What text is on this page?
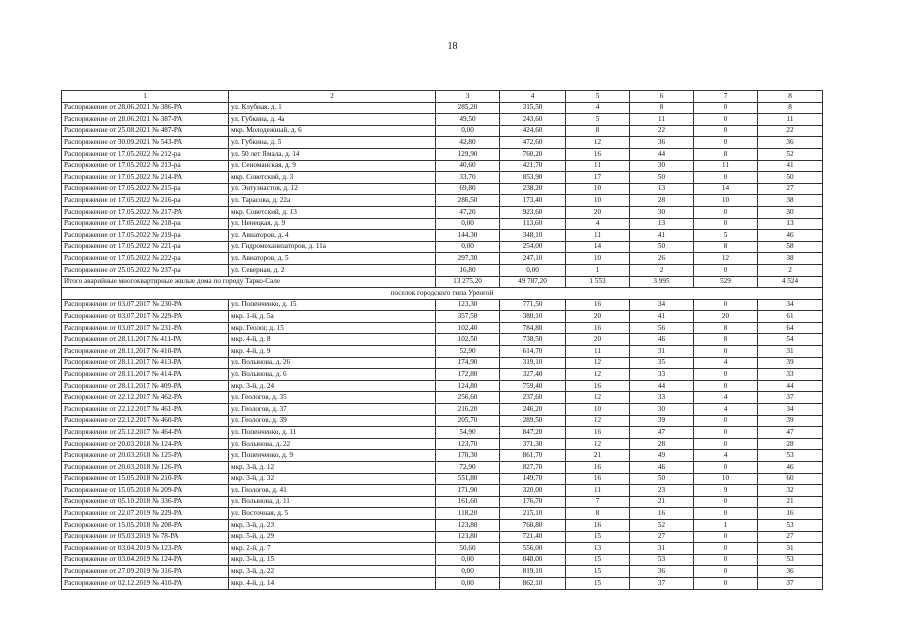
18
1	2	3	4	5	6	7	8
Распоряжение от 28.06.2021 № 386-РА	ул. Клубная, д. 1	285,20	315,50	4	8	0	8
Распоряжение от 28.06.2021 № 387-РА	ул. Губкина, д. 4а	49,50	243,60	5	11	0	11
Распоряжение от 25.08.2021 № 487-РА	мкр. Молодежный, д. 6	0,00	424,60	8	22	0	22
Распоряжение от 30.09.2021 № 543-РА	ул. Губкина, д. 5	42,80	472,60	12	36	0	36
Распоряжение от 17.05.2022 № 212-ра	ул. 50 лет Ямала, д. 14	129,90	760,20	16	44	8	52
Распоряжение от 17.05.2022 № 213-ра	ул. Сеноманская, д. 9	40,60	421,70	11	30	11	41
Распоряжение от 17.05.2022 № 214-РА	мкр. Советский, д. 3	33,70	853,90	17	50	0	50
Распоряжение от 17.05.2022 № 215-ра	ул. Энтузиастов, д. 12	69,80	238,20	10	13	14	27
Распоряжение от 17.05.2022 № 216-ра	ул. Тарасова, д. 22а	286,50	173,40	10	28	10	38
Распоряжение от 17.05.2022 № 217-РА	мкр. Советский, д. 13	47,20	923,60	20	30	0	30
Распоряжение от 17.05.2022 № 218-ра	ул. Ненецкая, д. 9	0,00	113,60	4	13	0	13
Распоряжение от 17.05.2022 № 219-ра	ул. Авиаторов, д. 4	144,30	348,10	11	41	5	46
Распоряжение от 17.05.2022 № 221-ра	ул. Гидромеханизаторов, д. 11а	0,00	254,00	14	50	8	58
Распоряжение от 17.05.2022 № 222-ра	ул. Авиаторов, д. 5	297,30	247,10	10	26	12	38
Распоряжение от 25.05.2022 № 237-ра	ул. Северная, д. 2	16,80	0,00	1	2	0	2
Итого аварийные многоквартирные жилые дома по городу Тарко-Сале		13 275,20	49 787,20	1 553	3 995	529	4 524
поселок городского типа Уренгой							
Распоряжение от 03.07.2017 № 230-РА	ул. Попенченко, д. 15	123,30	771,50	16	34	0	34
Распоряжение от 03.07.2017 № 229-РА	мкр. 1-й, д. 5а	357,50	380,10	20	41	20	61
Распоряжение от 03.07.2017 № 231-РА	мкр. Геолог, д. 15	102,40	784,80	16	56	8	64
Распоряжение от 28.11.2017 № 411-РА	мкр. 4-й, д. 8	102,50	738,50	20	46	8	54
Распоряжение от 28.11.2017 № 410-РА	мкр. 4-й, д. 9	52,90	614,70	11	31	0	31
Распоряжение от 28.11.2017 № 413-РА	ул. Волынова, д. 26	174,90	319,10	12	35	4	39
Распоряжение от 28.11.2017 № 414-РА	ул. Волынова, д. 6	172,80	327,40	12	33	0	33
Распоряжение от 28.11.2017 № 409-РА	мкр. 3-й, д. 24	124,80	759,40	16	44	0	44
Распоряжение от 22.12.2017 № 462-РА	ул. Геологов, д. 35	256,60	237,60	12	33	4	37
Распоряжение от 22.12.2017 № 461-РА	ул. Геологов, д. 37	216,20	246,20	10	30	4	34
Распоряжение от 22.12.2017 № 460-РА	ул. Геологов, д. 39	205,70	289,50	12	39	0	39
Распоряжение от 25.12.2017 № 464-РА	ул. Попенченко, д. 11	54,90	847,20	16	47	0	47
Распоряжение от 20.03.2018 № 124-РА	ул. Волынова, д. 22	123,70	371,30	12	28	0	28
Распоряжение от 20.03.2018 № 125-РА	ул. Попенченко, д. 9	170,30	861,70	21	49	4	53
Распоряжение от 20.03.2018 № 126-РА	мкр. 3-й, д. 12	72,90	827,70	16	46	0	46
Распоряжение от 15.05.2018 № 210-РА	мкр. 3-й, д. 32	551,80	149,70	16	50	10	60
Распоряжение от 15.05.2018 № 209-РА	ул. Геологов, д. 41	171,90	320,00	11	23	9	32
Распоряжение от 05.10.2018 № 336-РА	ул. Волынова, д. 11	161,60	176,70	7	21	0	21
Распоряжение от 22.07.2019 № 229-РА	ул. Восточная, д. 5	118,20	215,10	8	16	0	16
Распоряжение от 15.05.2018 № 208-РА	мкр. 3-й, д. 23	123,80	760,80	16	52	1	53
Распоряжение от 05.03.2019 № 78-РА	мкр. 5-й, д. 29	123,80	721,40	15	27	0	27
Распоряжение от 03.04.2019 № 123-РА	мкр. 2-й, д. 7	50,60	556,00	13	31	0	31
Распоряжение от 03.04.2019 № 124-РА	мкр. 3-й, д. 15	0,00	848,00	15	53	0	53
Распоряжение от 27.09.2019 № 316-РА	мкр. 3-й, д. 22	0,00	819,10	15	36	0	36
Распоряжение от 02.12.2019 № 410-РА	мкр. 4-й, д. 14	0,00	862,10	15	37	0	37
